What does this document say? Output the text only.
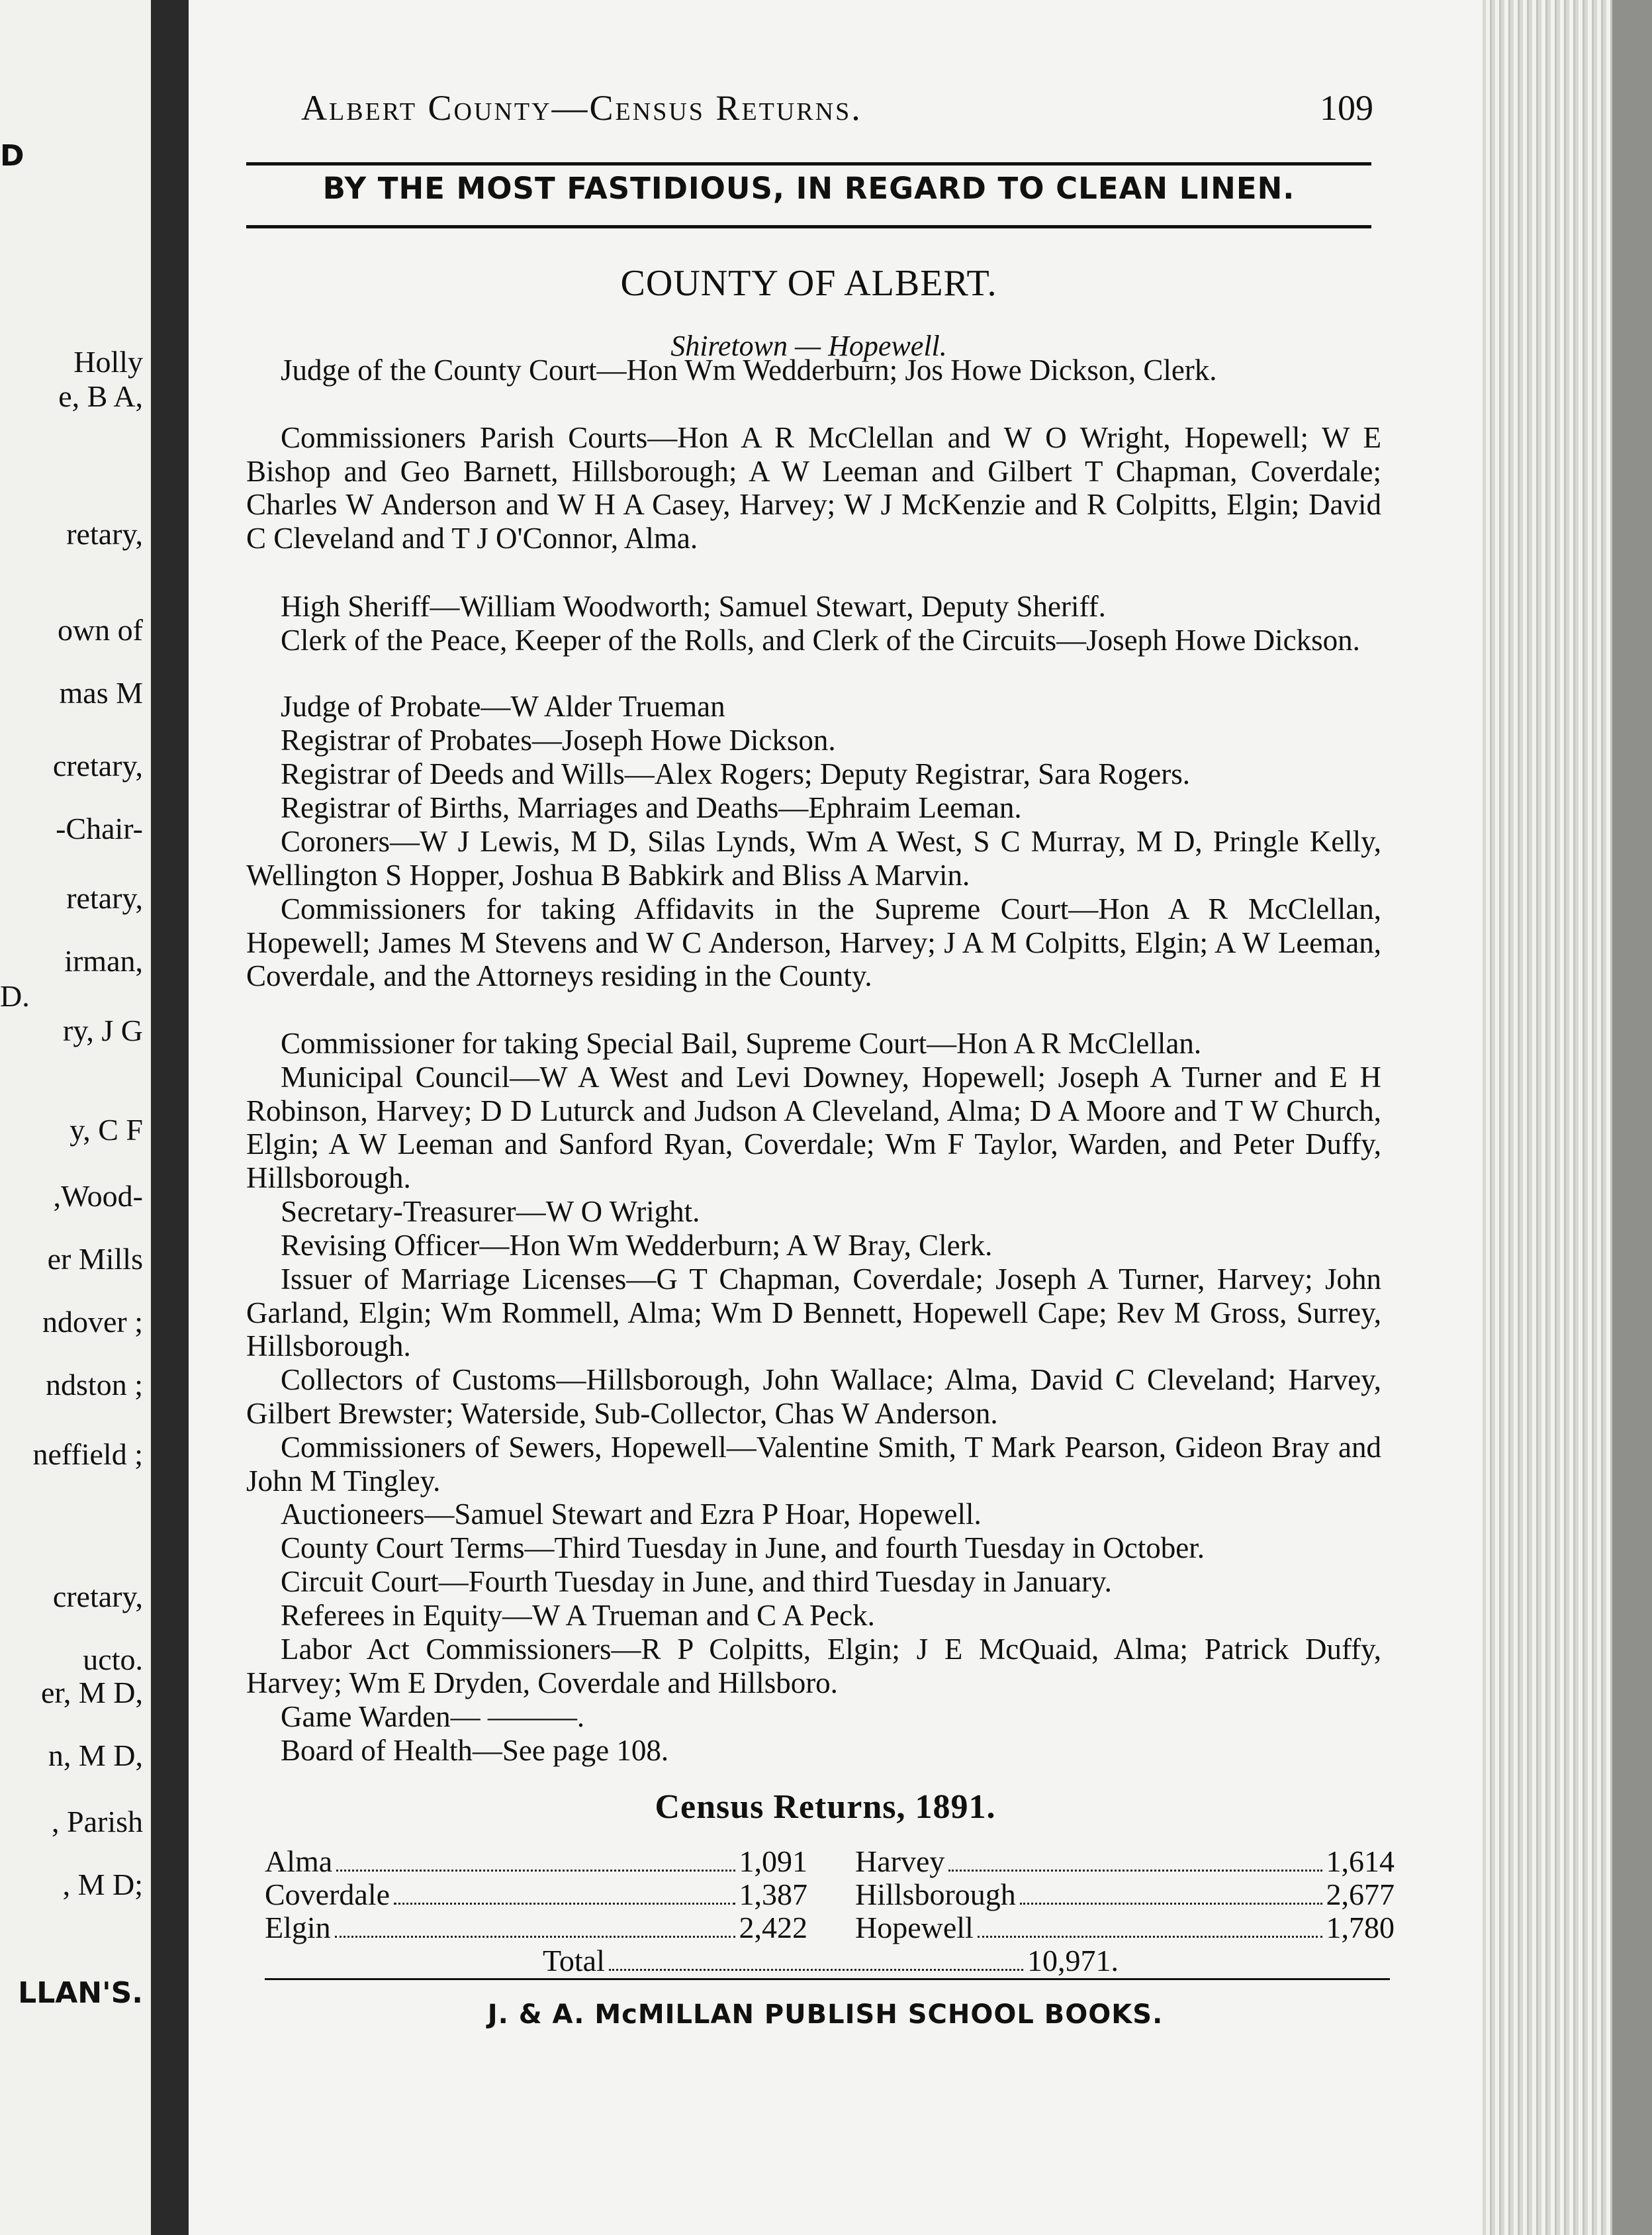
D
Holly
e, B A,
retary,
own of
mas M
cretary,
-Chair-
retary,
irman,
D.
ry, J G
y, C F
,Wood-
er Mills
ndover ;
ndston ;
neffield ;
cretary,
ucto.
er, M D,
n, M D,
, Parish
, M D;
LLAN'S.
Albert County—Census Returns.	109
BY THE MOST FASTIDIOUS, IN REGARD TO CLEAN LINEN.
COUNTY OF ALBERT.
Shiretown — Hopewell.
Judge of the County Court—Hon Wm Wedderburn; Jos Howe Dickson, Clerk.
Commissioners Parish Courts—Hon A R McClellan and W O Wright, Hopewell; W E Bishop and Geo Barnett, Hillsborough; A W Leeman and Gilbert T Chapman, Coverdale; Charles W Anderson and W H A Casey, Harvey; W J McKenzie and R Colpitts, Elgin; David C Cleveland and T J O'Connor, Alma.
High Sheriff—William Woodworth; Samuel Stewart, Deputy Sheriff.
Clerk of the Peace, Keeper of the Rolls, and Clerk of the Circuits—Joseph Howe Dickson.
Judge of Probate—W Alder Trueman
Registrar of Probates—Joseph Howe Dickson.
Registrar of Deeds and Wills—Alex Rogers; Deputy Registrar, Sara Rogers.
Registrar of Births, Marriages and Deaths—Ephraim Leeman.
Coroners—W J Lewis, M D, Silas Lynds, Wm A West, S C Murray, M D, Pringle Kelly, Wellington S Hopper, Joshua B Babkirk and Bliss A Marvin.
Commissioners for taking Affidavits in the Supreme Court—Hon A R McClellan, Hopewell; James M Stevens and W C Anderson, Harvey; J A M Colpitts, Elgin; A W Leeman, Coverdale, and the Attorneys residing in the County.
Commissioner for taking Special Bail, Supreme Court—Hon A R McClellan.
Municipal Council—W A West and Levi Downey, Hopewell; Joseph A Turner and E H Robinson, Harvey; D D Luturck and Judson A Cleveland, Alma; D A Moore and T W Church, Elgin; A W Leeman and Sanford Ryan, Coverdale; Wm F Taylor, Warden, and Peter Duffy, Hillsborough.
Secretary-Treasurer—W O Wright.
Revising Officer—Hon Wm Wedderburn; A W Bray, Clerk.
Issuer of Marriage Licenses—G T Chapman, Coverdale; Joseph A Turner, Harvey; John Garland, Elgin; Wm Rommell, Alma; Wm D Bennett, Hopewell Cape; Rev M Gross, Surrey, Hillsborough.
Collectors of Customs—Hillsborough, John Wallace; Alma, David C Cleveland; Harvey, Gilbert Brewster; Waterside, Sub-Collector, Chas W Anderson.
Commissioners of Sewers, Hopewell—Valentine Smith, T Mark Pearson, Gideon Bray and John M Tingley.
Auctioneers—Samuel Stewart and Ezra P Hoar, Hopewell.
County Court Terms—Third Tuesday in June, and fourth Tuesday in October.
Circuit Court—Fourth Tuesday in June, and third Tuesday in January.
Referees in Equity—W A Trueman and C A Peck.
Labor Act Commissioners—R P Colpitts, Elgin; J E McQuaid, Alma; Patrick Duffy, Harvey; Wm E Dryden, Coverdale and Hillsboro.
Game Warden— ———.
Board of Health—See page 108.
Census Returns, 1891.
Alma	1,091
Coverdale	1,387
Elgin	2,422
Harvey	1,614
Hillsborough	2,677
Hopewell	1,780
Total	10,971.
J. & A. McMILLAN PUBLISH SCHOOL BOOKS.
